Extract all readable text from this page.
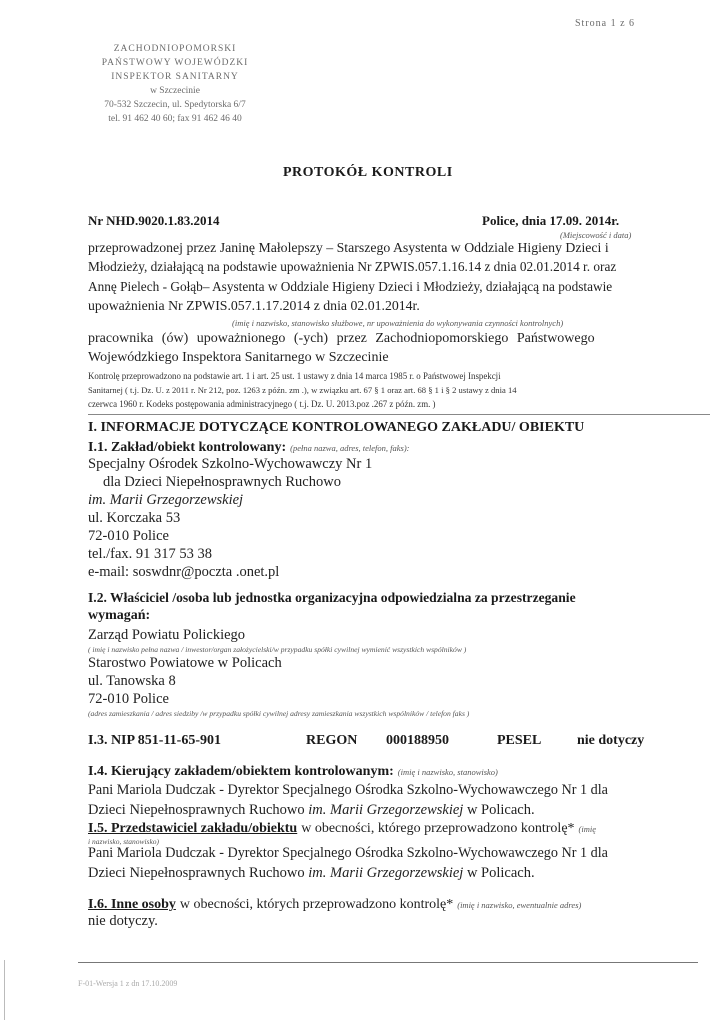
Strona 1 z 6
ZACHODNIOPOMORSKI
PAŃSTWOWY WOJEWÓDZKI
INSPEKTOR SANITARNY
w Szczecinie
70-532 Szczecin, ul. Spedytorska 6/7
tel. 91 462 40 60; fax 91 462 46 40
PROTOKÓŁ KONTROLI
Nr NHD.9020.1.83.2014	Police, dnia 17.09. 2014r.
(Miejscowość i data)
przeprowadzonej przez Janinę Małolepszy – Starszego Asystenta w Oddziale Higieny Dzieci i
Młodzieży, działającą na podstawie upoważnienia Nr ZPWIS.057.1.16.14 z dnia 02.01.2014 r. oraz
Annę Pielech - Gołąb– Asystenta w Oddziale Higieny Dzieci i Młodzieży, działającą na podstawie
upoważnienia Nr ZPWIS.057.1.17.2014 z dnia 02.01.2014r.
(imię i nazwisko, stanowisko służbowe, nr upoważnienia do wykonywania czynności kontrolnych)
pracownika (ów) upoważnionego (-ych) przez Zachodniopomorskiego Państwowego
Wojewódzkiego Inspektora Sanitarnego w Szczecinie
Kontrolę przeprowadzono na podstawie art. 1 i art. 25 ust. 1 ustawy z dnia 14 marca 1985 r. o Państwowej Inspekcji
Sanitarnej ( t.j. Dz. U. z 2011 r. Nr 212, poz. 1263 z późn. zm .), w związku art. 67 § 1 oraz art. 68 § 1 i § 2 ustawy z dnia 14
czerwca 1960 r. Kodeks postępowania administracyjnego ( t.j. Dz. U. 2013.poz .267 z późn. zm. )
I. INFORMACJE DOTYCZĄCE KONTROLOWANEGO ZAKŁADU/ OBIEKTU
I.1. Zakład/obiekt kontrolowany: (pełna nazwa, adres, telefon, faks):
Specjalny Ośrodek Szkolno-Wychowawczy Nr 1
dla Dzieci Niepełnosprawnych Ruchowo
im. Marii Grzegorzewskiej
ul. Korczaka 53
72-010 Police
tel./fax. 91 317 53 38
e-mail: soswdnr@poczta .onet.pl
I.2. Właściciel /osoba lub jednostka organizacyjna odpowiedzialna za przestrzeganie
wymagań:
Zarząd Powiatu Polickiego
( imię i nazwisko pełna nazwa / inwestor/organ założycielski/w przypadku spółki cywilnej wymienić wszystkich wspólników )
Starostwo Powiatowe w Policach
ul. Tanowska 8
72-010 Police
(adres zamieszkania / adres siedziby /w przypadku spółki cywilnej adresy zamieszkania wszystkich wspólników / telefon faks )
I.3. NIP 851-11-65-901	REGON 000188950	PESEL	nie dotyczy
I.4. Kierujący zakładem/obiektem kontrolowanym: (imię i nazwisko, stanowisko)
Pani Mariola Dudczak - Dyrektor Specjalnego Ośrodka Szkolno-Wychowawczego Nr 1 dla
Dzieci Niepełnosprawnych Ruchowo im. Marii Grzegorzewskiej w Policach.
I.5. Przedstawiciel zakładu/obiektu w obecności, którego przeprowadzono kontrolę* (imię
i nazwisko, stanowisko)
Pani Mariola Dudczak - Dyrektor Specjalnego Ośrodka Szkolno-Wychowawczego Nr 1 dla
Dzieci Niepełnosprawnych Ruchowo im. Marii Grzegorzewskiej w Policach.
I.6. Inne osoby w obecności, których przeprowadzono kontrolę* (imię i nazwisko, ewentualnie adres)
nie dotyczy.
F-01-Wersja 1 z dn 17.10.2009
